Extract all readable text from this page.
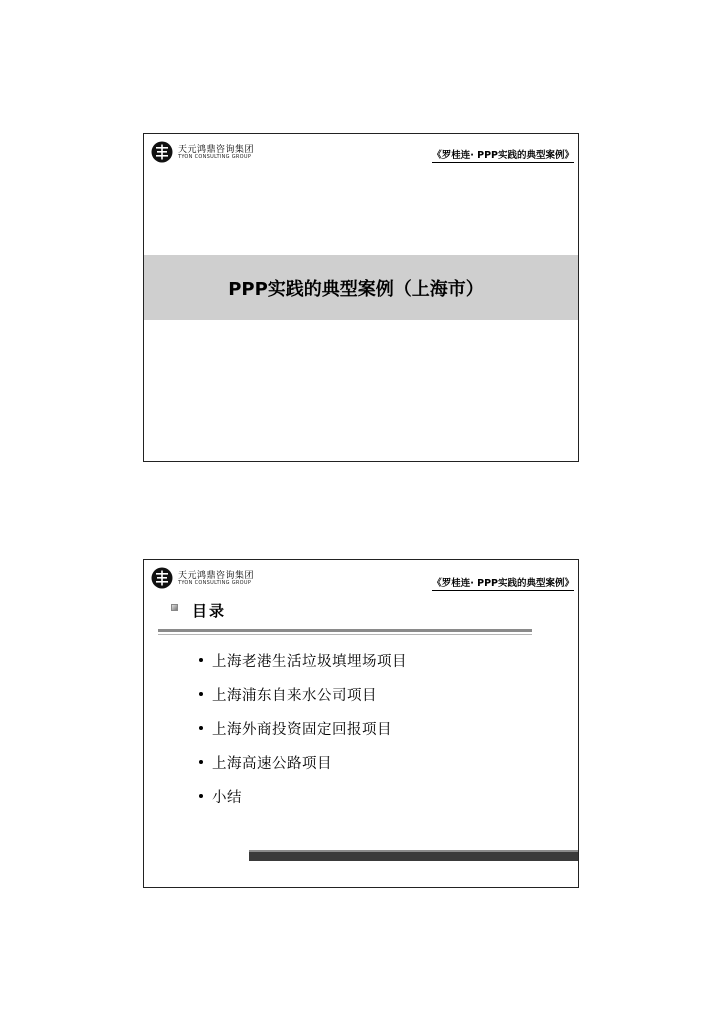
天元鸿鼎咨询集团
TYON CONSULTING GROUP	《罗桂连· PPP实践的典型案例》
PPP实践的典型案例（上海市）
天元鸿鼎咨询集团
TYON CONSULTING GROUP	《罗桂连· PPP实践的典型案例》
目录
上海老港生活垃圾填埋场项目
上海浦东自来水公司项目
上海外商投资固定回报项目
上海高速公路项目
小结
